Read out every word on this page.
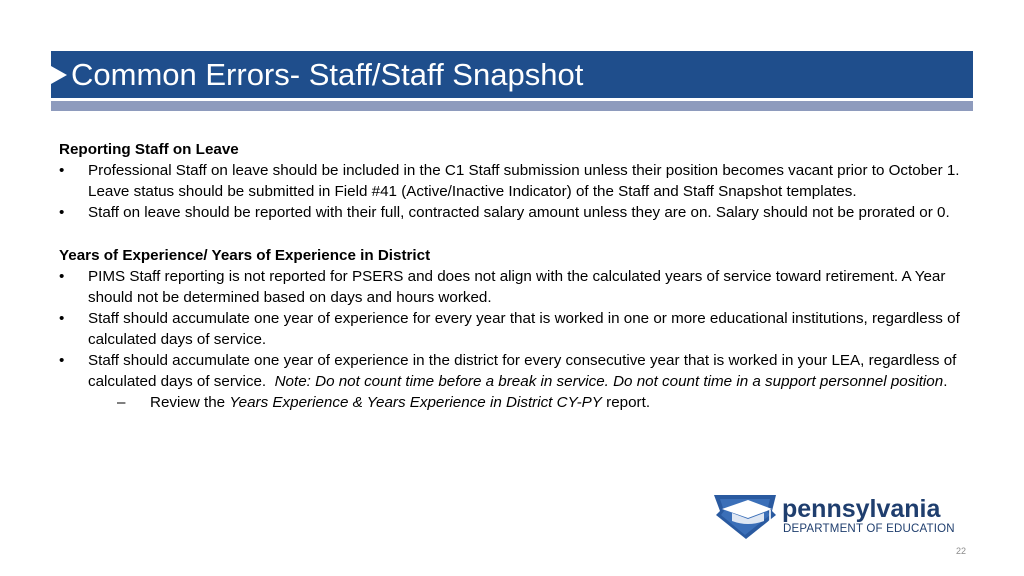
Common Errors- Staff/Staff Snapshot

Reporting Staff on Leave

• Professional Staff on leave should be included in the C1 Staff submission unless their position becomes vacant prior to October 1. Leave status should be submitted in Field #41 (Active/Inactive Indicator) of the Staff and Staff Snapshot templates.
• Staff on leave should be reported with their full, contracted salary amount unless they are on. Salary should not be prorated or 0.

Years of Experience/ Years of Experience in District

• PIMS Staff reporting is not reported for PSERS and does not align with the calculated years of service toward retirement. A Year should not be determined based on days and hours worked.
• Staff should accumulate one year of experience for every year that is worked in one or more educational institutions, regardless of calculated days of service.
• Staff should accumulate one year of experience in the district for every consecutive year that is worked in your LEA, regardless of calculated days of service. Note: Do not count time before a break in service. Do not count time in a support personnel position.
– Review the Years Experience & Years Experience in District CY-PY report.
pennsylvania
DEPARTMENT OF EDUCATION
22
